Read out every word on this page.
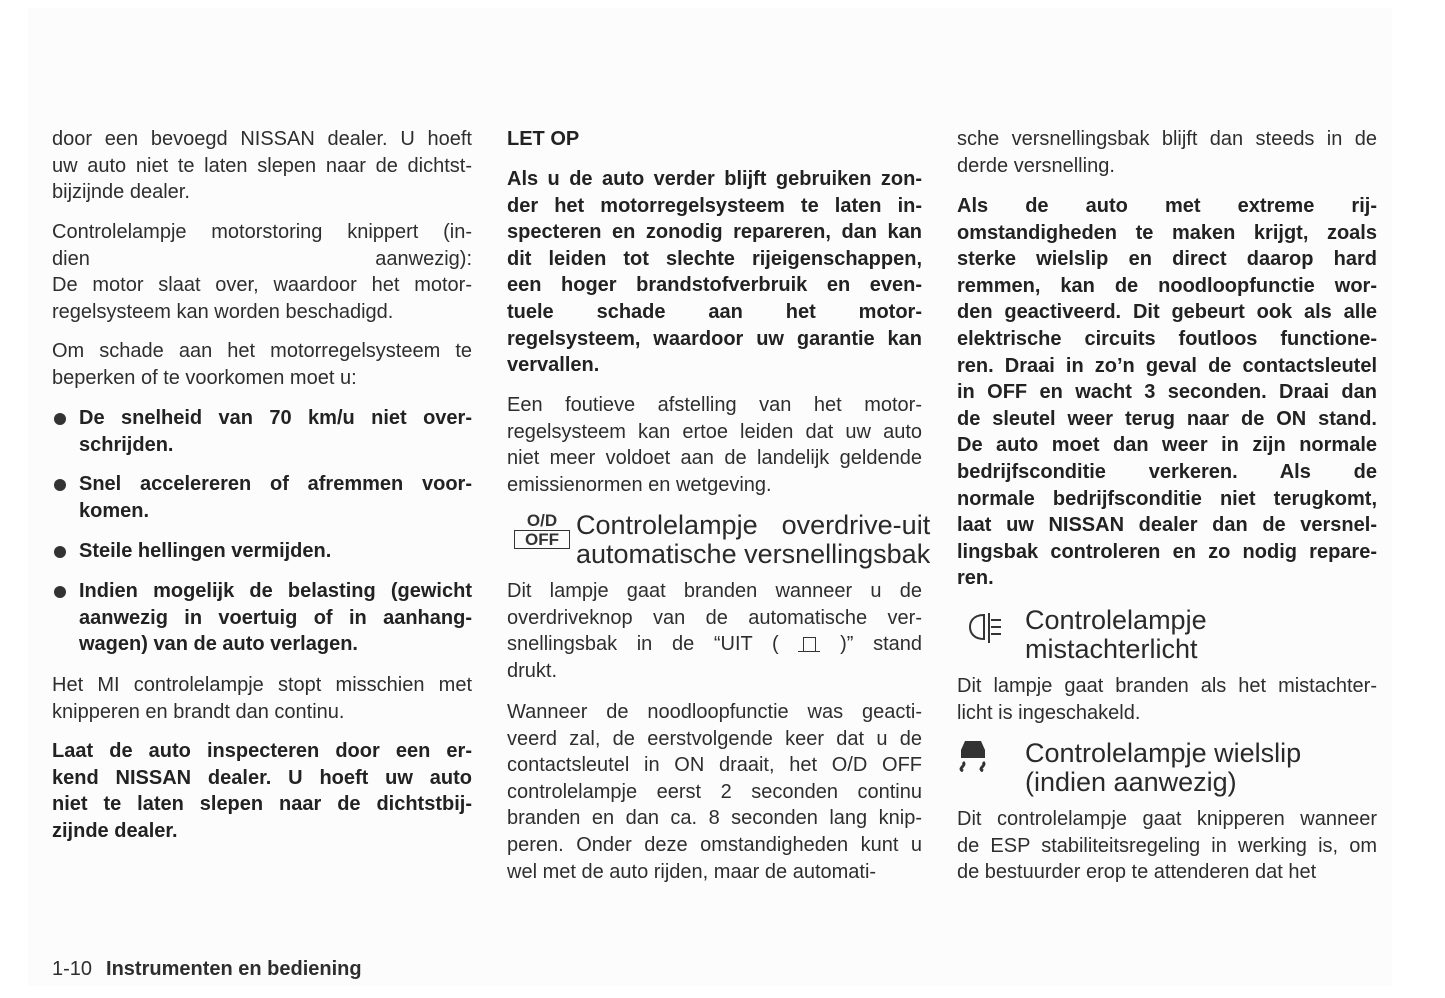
door een bevoegd NISSAN dealer. U hoeft
uw auto niet te laten slepen naar de dichtst-
bijzijnde dealer.
Controlelampje motorstoring knippert (in-
dien aanwezig):
De motor slaat over, waardoor het motor-
regelsysteem kan worden beschadigd.
Om schade aan het motorregelsysteem te
beperken of te voorkomen moet u:
De snelheid van 70 km/u niet over-
schrijden.
Snel accelereren of afremmen voor-
komen.
Steile hellingen vermijden.
Indien mogelijk de belasting (gewicht
aanwezig in voertuig of in aanhang-
wagen) van de auto verlagen.
Het MI controlelampje stopt misschien met
knipperen en brandt dan continu.
Laat de auto inspecteren door een er-
kend NISSAN dealer. U hoeft uw auto
niet te laten slepen naar de dichtstbij-
zijnde dealer.
LET OP
Als u de auto verder blijft gebruiken zon-
der het motorregelsysteem te laten in-
specteren en zonodig repareren, dan kan
dit leiden tot slechte rijeigenschappen,
een hoger brandstofverbruik en even-
tuele schade aan het motor-
regelsysteem, waardoor uw garantie kan
vervallen.
Een foutieve afstelling van het motor-
regelsysteem kan ertoe leiden dat uw auto
niet meer voldoet aan de landelijk geldende
emissienormen en wetgeving.
O/D
OFF Controlelampje overdrive-uit
automatische versnellingsbak
Dit lampje gaat branden wanneer u de
overdriveknop van de automatische ver-
snellingsbak in de “UIT (	)” stand
drukt.
Wanneer de noodloopfunctie was geacti-
veerd zal, de eerstvolgende keer dat u de
contactsleutel in ON draait, het O/D OFF
controlelampje eerst 2 seconden continu
branden en dan ca. 8 seconden lang knip-
peren. Onder deze omstandigheden kunt u
wel met de auto rijden, maar de automati-
sche versnellingsbak blijft dan steeds in de
derde versnelling.
Als de auto met extreme rij-
omstandigheden te maken krijgt, zoals
sterke wielslip en direct daarop hard
remmen, kan de noodloopfunctie wor-
den geactiveerd. Dit gebeurt ook als alle
elektrische circuits foutloos functione-
ren. Draai in zo’n geval de contactsleutel
in OFF en wacht 3 seconden. Draai dan
de sleutel weer terug naar de ON stand.
De auto moet dan weer in zijn normale
bedrijfsconditie verkeren. Als de
normale bedrijfsconditie niet terugkomt,
laat uw NISSAN dealer dan de versnel-
lingsbak controleren en zo nodig repare-
ren.
Controlelampje
mistachterlicht
Dit lampje gaat branden als het mistachter-
licht is ingeschakeld.
Controlelampje wielslip
(indien aanwezig)
Dit controlelampje gaat knipperen wanneer
de ESP stabiliteitsregeling in werking is, om
de bestuurder erop te attenderen dat het
1-10 Instrumenten en bediening
